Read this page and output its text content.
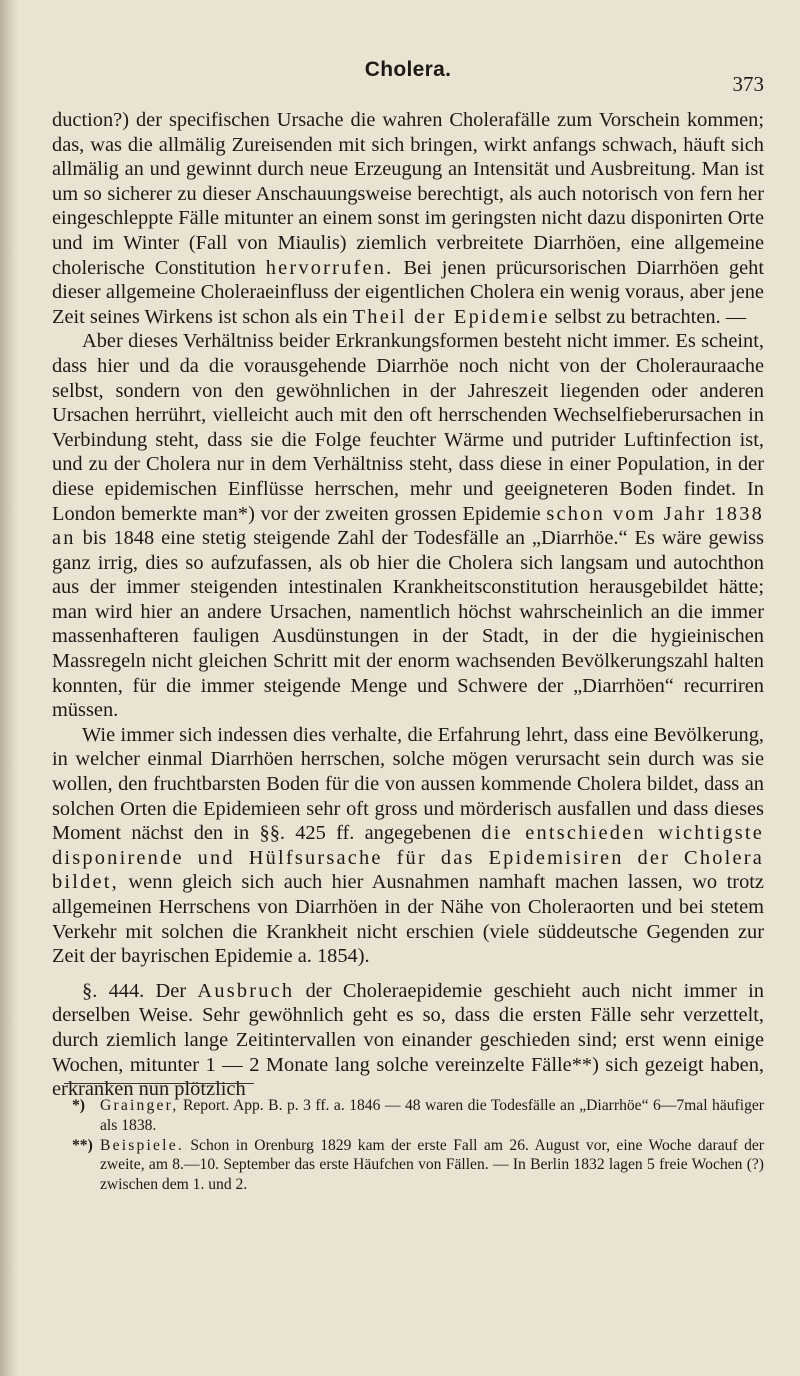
Cholera.
373

duction?) der specifischen Ursache die wahren Cholerafälle zum Vorschein kommen; das, was die allmälig Zureisenden mit sich bringen, wirkt anfangs schwach, häuft sich allmälig an und gewinnt durch neue Erzeugung an Intensität und Ausbreitung. Man ist um so sicherer zu dieser Anschauungsweise berechtigt, als auch notorisch von fern her eingeschleppte Fälle mitunter an einem sonst im geringsten nicht dazu disponirten Orte und im Winter (Fall von Miaulis) ziemlich verbreitete Diarrhöen, eine allgemeine cholerische Constitution hervorrufen. Bei jenen prücursorischen Diarrhöen geht dieser allgemeine Choleraeinfluss der eigentlichen Cholera ein wenig voraus, aber jene Zeit seines Wirkens ist schon als ein Theil der Epidemie selbst zu betrachten. —

Aber dieses Verhältniss beider Erkrankungsformen besteht nicht immer. Es scheint, dass hier und da die vorausgehende Diarrhöe noch nicht von der Cholerauraache selbst, sondern von den gewöhnlichen in der Jahreszeit liegenden oder anderen Ursachen herrührt, vielleicht auch mit den oft herrschenden Wechselfieberursachen in Verbindung steht, dass sie die Folge feuchter Wärme und putrider Luftinfection ist, und zu der Cholera nur in dem Verhältniss steht, dass diese in einer Population, in der diese epidemischen Einflüsse herrschen, mehr und geeigneteren Boden findet. In London bemerkte man*) vor der zweiten grossen Epidemie schon vom Jahr 1838 an bis 1848 eine stetig steigende Zahl der Todesfälle an „Diarrhöe.“ Es wäre gewiss ganz irrig, dies so aufzufassen, als ob hier die Cholera sich langsam und autochthon aus der immer steigenden intestinalen Krankheitsconstitution herausgebildet hätte; man wird hier an andere Ursachen, namentlich höchst wahrscheinlich an die immer massenhafteren fauligen Ausdünstungen in der Stadt, in der die hygieinischen Massregeln nicht gleichen Schritt mit der enorm wachsenden Bevölkerungszahl halten konnten, für die immer steigende Menge und Schwere der „Diarrhöen“ recurriren müssen.

Wie immer sich indessen dies verhalte, die Erfahrung lehrt, dass eine Bevölkerung, in welcher einmal Diarrhöen herrschen, solche mögen verursacht sein durch was sie wollen, den fruchtbarsten Boden für die von aussen kommende Cholera bildet, dass an solchen Orten die Epidemieen sehr oft gross und mörderisch ausfallen und dass dieses Moment nächst den in §§. 425 ff. angegebenen die entschieden wichtigste disponirende und Hülfsursache für das Epidemisiren der Cholera bildet, wenn gleich sich auch hier Ausnahmen namhaft machen lassen, wo trotz allgemeinen Herrschens von Diarrhöen in der Nähe von Choleraorten und bei stetem Verkehr mit solchen die Krankheit nicht erschien (viele süddeutsche Gegenden zur Zeit der bayrischen Epidemie a. 1854).

§. 444. Der Ausbruch der Choleraepidemie geschieht auch nicht immer in derselben Weise. Sehr gewöhnlich geht es so, dass die ersten Fälle sehr verzettelt, durch ziemlich lange Zeitintervallen von einander geschieden sind; erst wenn einige Wochen, mitunter 1 — 2 Monate lang solche vereinzelte Fälle**) sich gezeigt haben, erkranken nun plötzlich

*) Grainger, Report. App. B. p. 3 ff. a. 1846 — 48 waren die Todesfälle an „Diarrhöe“ 6—7mal häufiger als 1838.

**) Beispiele. Schon in Orenburg 1829 kam der erste Fall am 26. August vor, eine Woche darauf der zweite, am 8.—10. September das erste Häufchen von Fällen. — In Berlin 1832 lagen 5 freie Wochen (?) zwischen dem 1. und 2.
